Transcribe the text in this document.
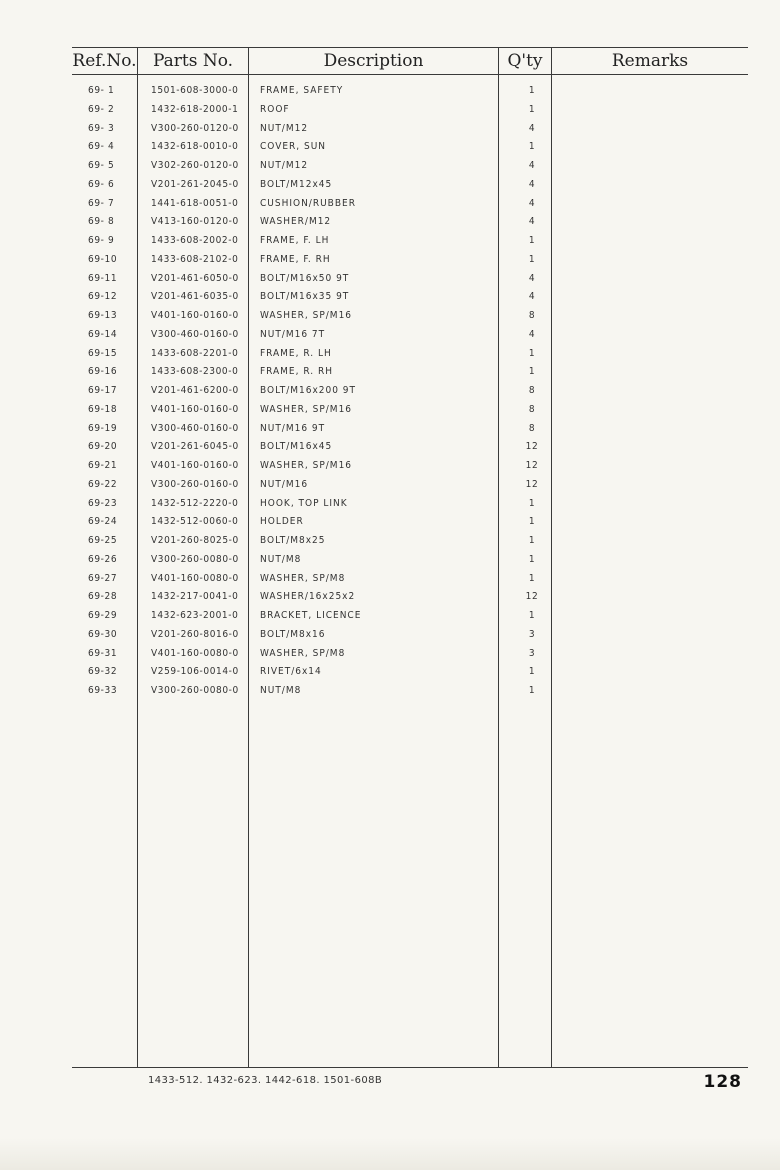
Ref.No. Parts No.	Description	Q'ty	Remarks
69- 1	1501-608-3000-0 FRAME, SAFETY	1
69- 2	1432-618-2000-1 ROOF	1
69- 3	V300-260-0120-0 NUT/M12	4
69- 4	1432-618-0010-0 COVER, SUN	1
69- 5	V302-260-0120-0 NUT/M12	4
69- 6	V201-261-2045-0 BOLT/M12x45	4
69- 7	1441-618-0051-0 CUSHION/RUBBER	4
69- 8	V413-160-0120-0 WASHER/M12	4
69- 9	1433-608-2002-0 FRAME, F. LH	1
69-10	1433-608-2102-0 FRAME, F. RH	1
69-11	V201-461-6050-0 BOLT/M16x50 9T	4
69-12	V201-461-6035-0 BOLT/M16x35 9T	4
69-13	V401-160-0160-0 WASHER, SP/M16	8
69-14	V300-460-0160-0 NUT/M16 7T	4
69-15	1433-608-2201-0 FRAME, R. LH	1
69-16	1433-608-2300-0 FRAME, R. RH	1
69-17	V201-461-6200-0 BOLT/M16x200 9T	8
69-18	V401-160-0160-0 WASHER, SP/M16	8
69-19	V300-460-0160-0 NUT/M16 9T	8
69-20	V201-261-6045-0 BOLT/M16x45	12
69-21	V401-160-0160-0 WASHER, SP/M16	12
69-22	V300-260-0160-0 NUT/M16	12
69-23	1432-512-2220-0 HOOK, TOP LINK	1
69-24	1432-512-0060-0 HOLDER	1
69-25	V201-260-8025-0 BOLT/M8x25	1
69-26	V300-260-0080-0 NUT/M8	1
69-27	V401-160-0080-0 WASHER, SP/M8	1
69-28	1432-217-0041-0 WASHER/16x25x2	12
69-29	1432-623-2001-0 BRACKET, LICENCE	1
69-30	V201-260-8016-0 BOLT/M8x16	3
69-31	V401-160-0080-0 WASHER, SP/M8	3
69-32	V259-106-0014-0 RIVET/6x14	1
69-33	V300-260-0080-0 NUT/M8	1
1433-512. 1432-623. 1442-618. 1501-608B	128
